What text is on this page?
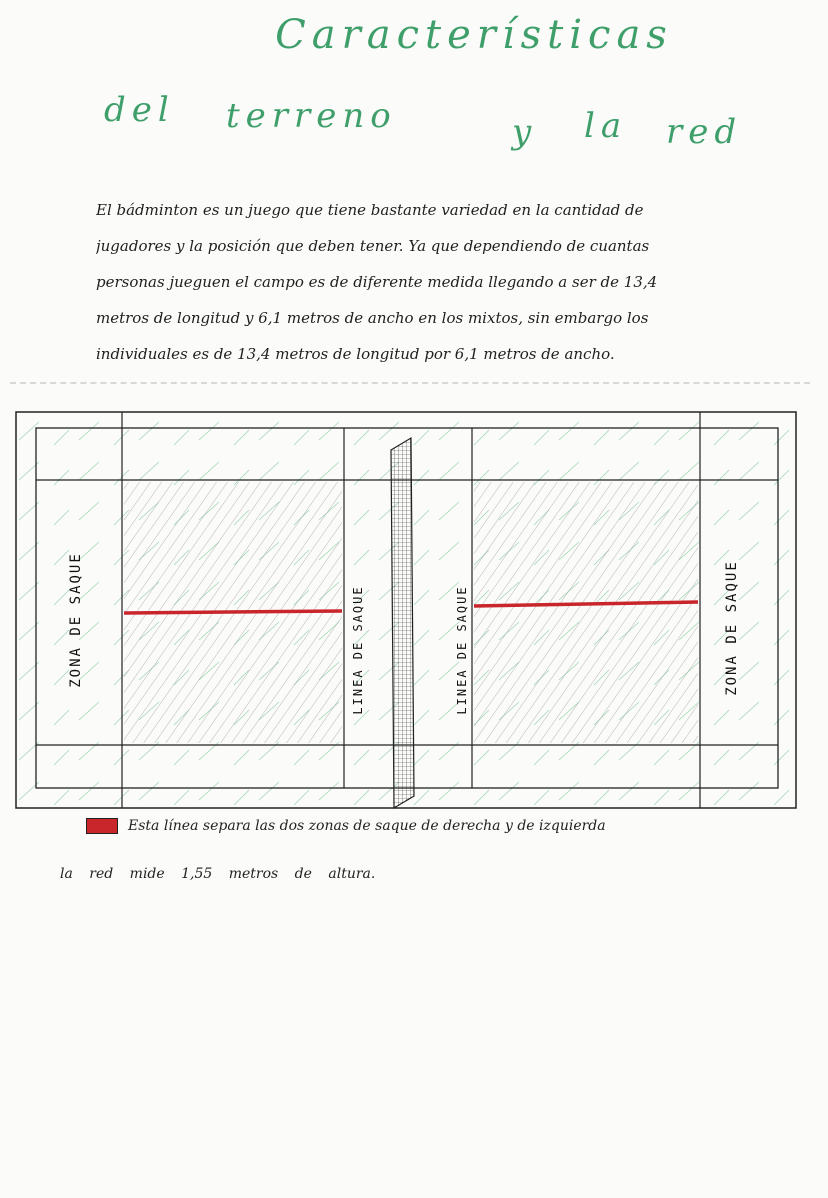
Características
del terreno	y la red
El bádminton es un juego que tiene bastante variedad en la cantidad de
jugadores y la posición que deben tener. Ya que dependiendo de cuantas
personas jueguen el campo es de diferente medida llegando a ser de 13,4
metros de longitud y 6,1 metros de ancho en los mixtos, sin embargo los
individuales es de 13,4 metros de longitud por 6,1 metros de ancho.
ZONA DE SAQUE	LINEA DE SAQUE	LINEA DE SAQUE	ZONA DE SAQUE
Esta línea separa las dos zonas de saque de derecha y de izquierda
la red mide 1,55 metros de altura.
